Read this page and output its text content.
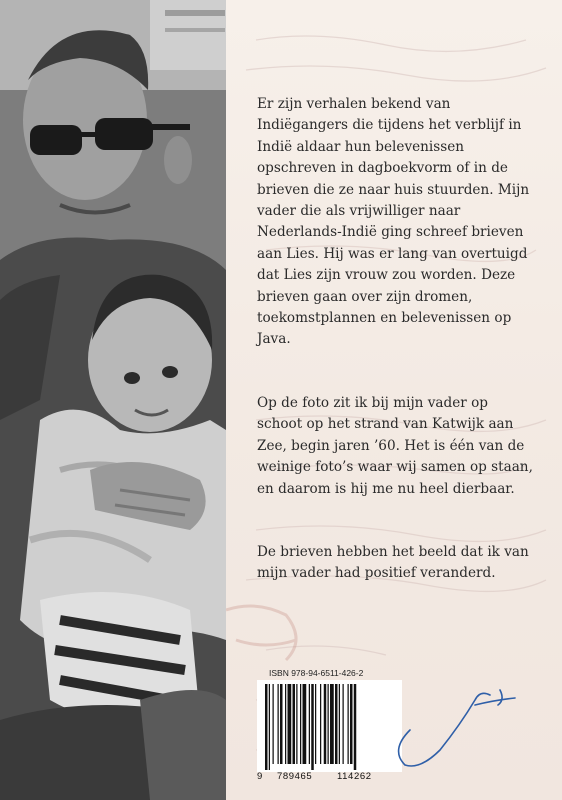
Er zijn verhalen bekend van
Indiëgangers die tijdens het verblijf in
Indië aldaar hun belevenissen
opschreven in dagboekvorm of in de
brieven die ze naar huis stuurden. Mijn
vader die als vrijwilliger naar
Nederlands-Indië ging schreef brieven
aan Lies. Hij was er lang van overtuigd
dat Lies zijn vrouw zou worden. Deze
brieven gaan over zijn dromen,
toekomstplannen en belevenissen op
Java.

Op de foto zit ik bij mijn vader op
schoot op het strand van Katwijk aan
Zee, begin jaren ’60. Het is één van de
weinige foto’s waar wij samen op staan,
en daarom is hij me nu heel dierbaar.

De brieven hebben het beeld dat ik van
mijn vader had positief veranderd.

ISBN 978-94-6511-426-2
9 789465	114262
